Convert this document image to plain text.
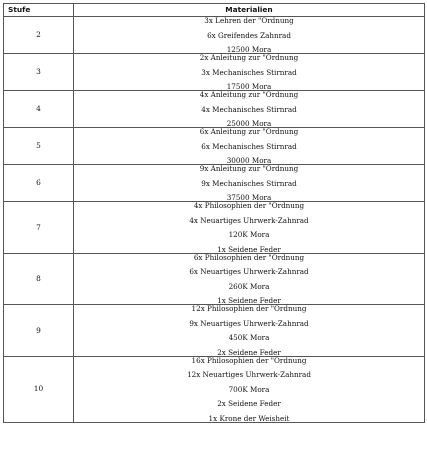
Stufe	Materialien
2	3x Lehren der "Ordnung
6x Greifendes Zahnrad
12500 Mora

3	2x Anleitung zur "Ordnung
3x Mechanisches Stirnrad
17500 Mora

4	4x Anleitung zur "Ordnung
4x Mechanisches Stirnrad
25000 Mora

5	6x Anleitung zur "Ordnung
6x Mechanisches Stirnrad
30000 Mora

6	9x Anleitung zur "Ordnung
9x Mechanisches Stirnrad
37500 Mora

7	4x Philosophien der "Ordnung
4x Neuartiges Uhrwerk-Zahnrad
120K Mora
1x Seidene Feder

8	6x Philosophien der "Ordnung
6x Neuartiges Uhrwerk-Zahnrad
260K Mora
1x Seidene Feder

9	12x Philosophien der "Ordnung
9x Neuartiges Uhrwerk-Zahnrad
450K Mora
2x Seidene Feder

10	16x Philosophien der "Ordnung
12x Neuartiges Uhrwerk-Zahnrad
700K Mora
2x Seidene Feder
1x Krone der Weisheit
